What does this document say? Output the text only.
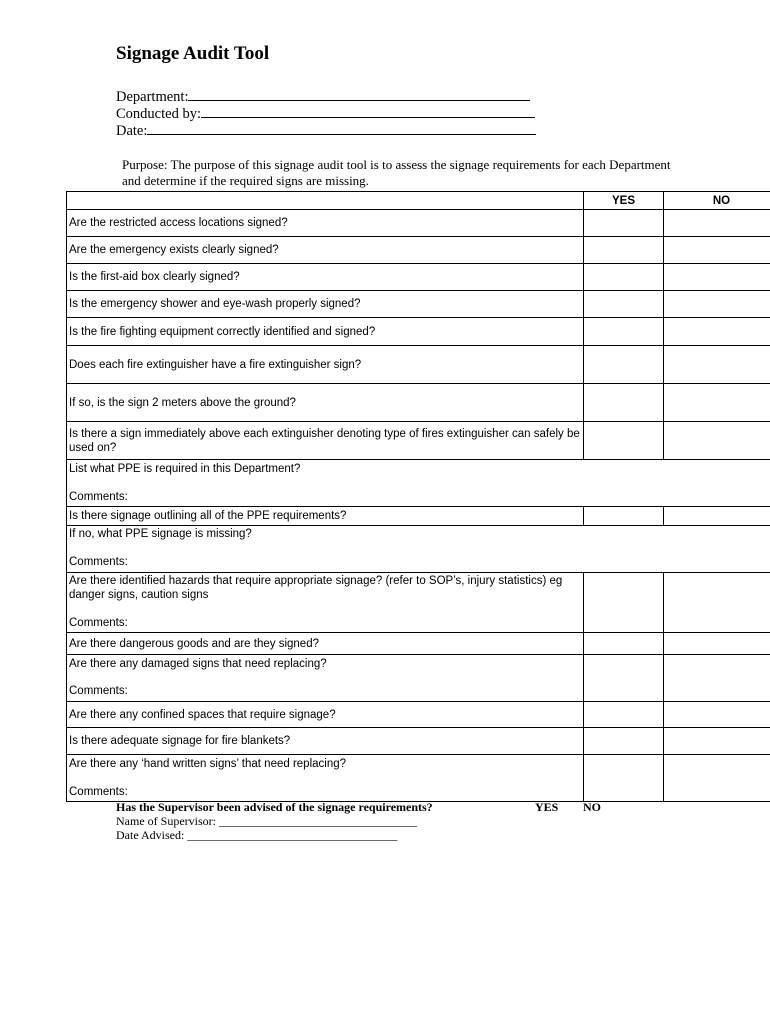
Signage Audit Tool
Department:
Conducted by:
Date:
Purpose: The purpose of this signage audit tool is to assess the signage requirements for each Department and determine if the required signs are missing.
	YES	NO
Are the restricted access locations signed?		
Are the emergency exists clearly signed?		
Is the first-aid box clearly signed?		
Is the emergency shower and eye-wash properly signed?		
Is the fire fighting equipment correctly identified and signed?		
Does each fire extinguisher have a fire extinguisher sign?		
If so, is the sign 2 meters above the ground?		
Is there a sign immediately above each extinguisher denoting type of fires extinguisher can safely be used on?		

List what PPE is required in this Department?
Comments:		

Is there signage outlining all of the PPE requirements?		

If no, what PPE signage is missing?
Comments:		

Are there identified hazards that require appropriate signage? (refer to SOP’s, injury statistics) eg danger signs, caution signs
Comments:		

Are there dangerous goods and are they signed?		

Are there any damaged signs that need replacing?
Comments:		

Are there any confined spaces that require signage?		
Is there adequate signage for fire blankets?		

Are there any ‘hand written signs’ that need replacing?
Comments:		

Has the Supervisor been advised of the signage requirements?	YES NO
Name of Supervisor: _________________________________
Date Advised: ___________________________________
